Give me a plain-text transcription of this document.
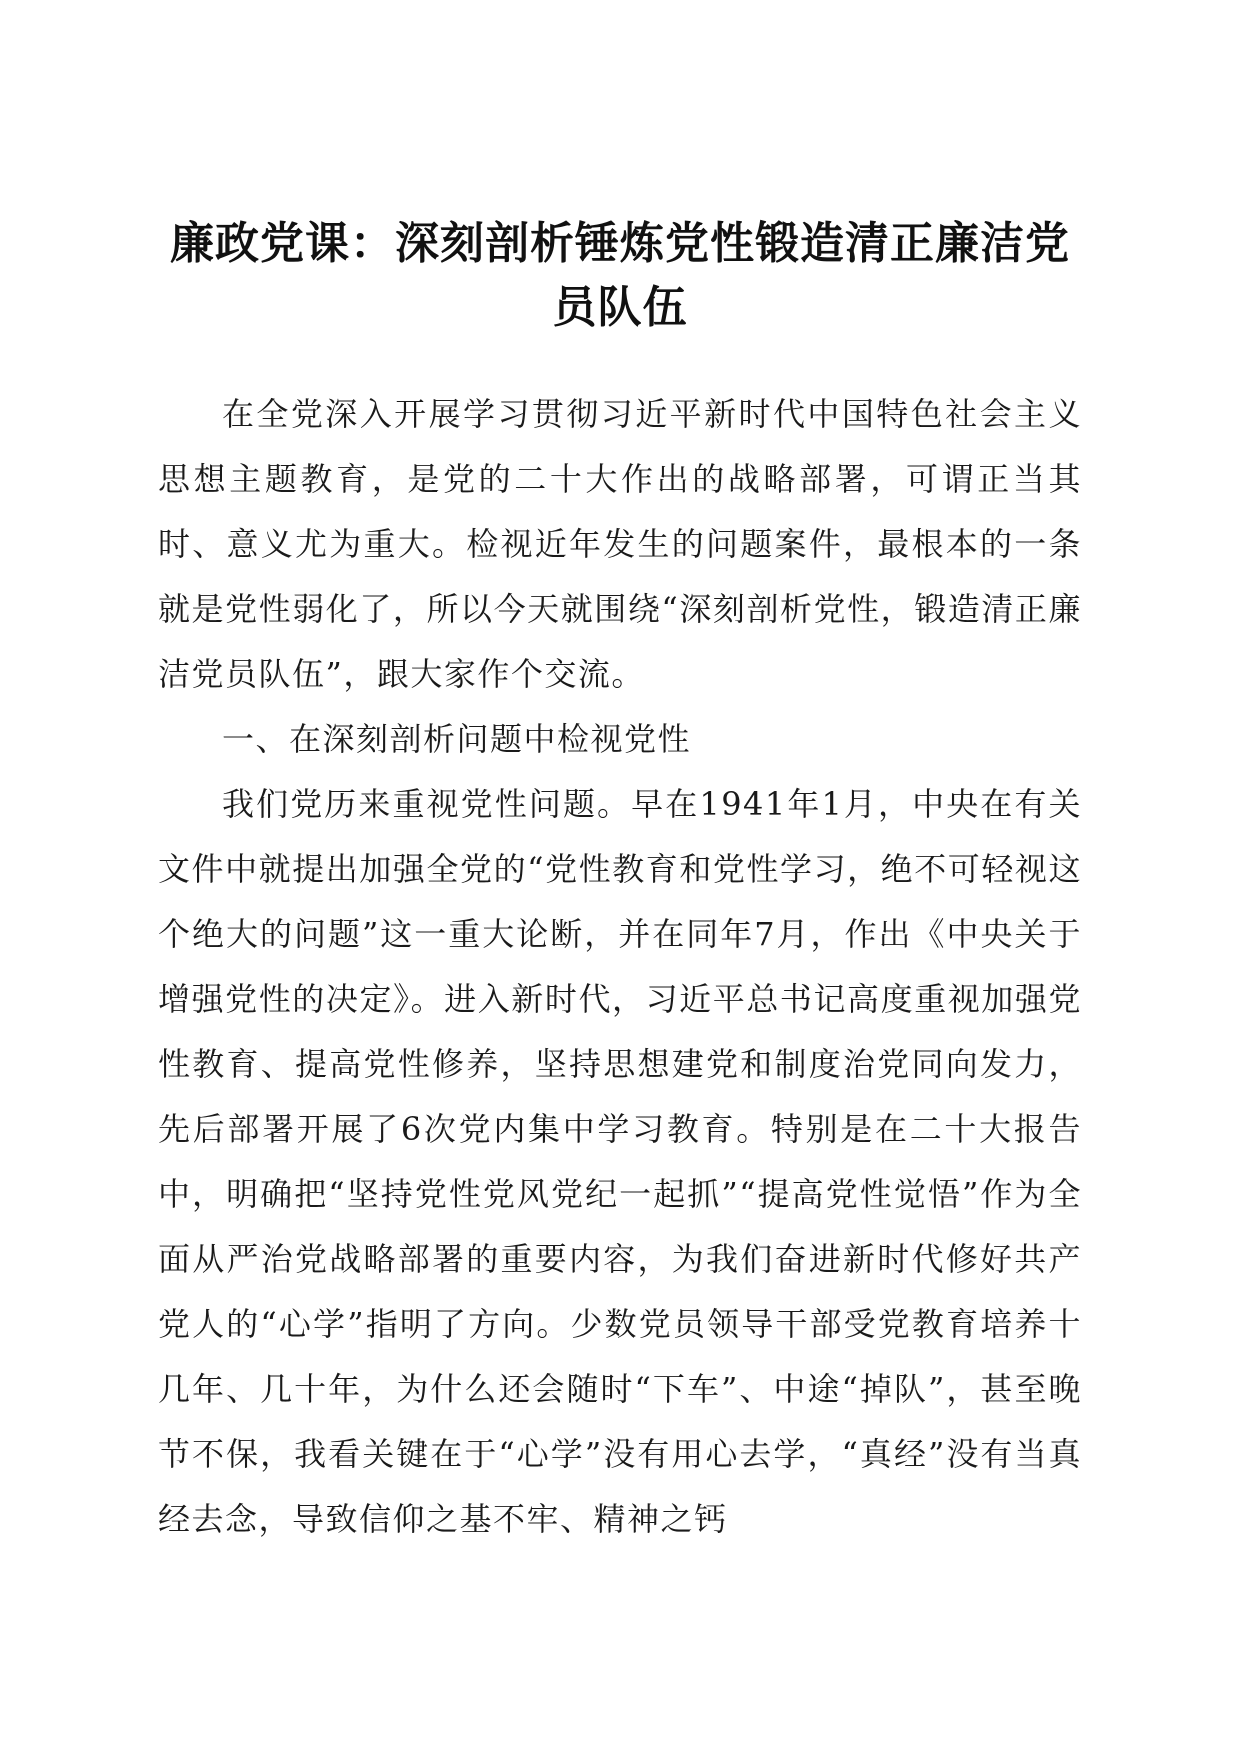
廉政党课：深刻剖析锤炼党性锻造清正廉洁党员队伍

在全党深入开展学习贯彻习近平新时代中国特色社会主义思想主题教育，是党的二十大作出的战略部署，可谓正当其时、意义尤为重大。检视近年发生的问题案件，最根本的一条就是党性弱化了，所以今天就围绕“深刻剖析党性，锻造清正廉洁党员队伍”，跟大家作个交流。

一、在深刻剖析问题中检视党性

我们党历来重视党性问题。早在1941年1月，中央在有关文件中就提出加强全党的“党性教育和党性学习，绝不可轻视这个绝大的问题”这一重大论断，并在同年7月，作出《中央关于增强党性的决定》。进入新时代，习近平总书记高度重视加强党性教育、提高党性修养，坚持思想建党和制度治党同向发力，先后部署开展了6次党内集中学习教育。特别是在二十大报告中，明确把“坚持党性党风党纪一起抓”“提高党性觉悟”作为全面从严治党战略部署的重要内容，为我们奋进新时代修好共产党人的“心学”指明了方向。少数党员领导干部受党教育培养十几年、几十年，为什么还会随时“下车”、中途“掉队”，甚至晚节不保，我看关键在于“心学”没有用心去学，“真经”没有当真经去念，导致信仰之基不牢、精神之钙
